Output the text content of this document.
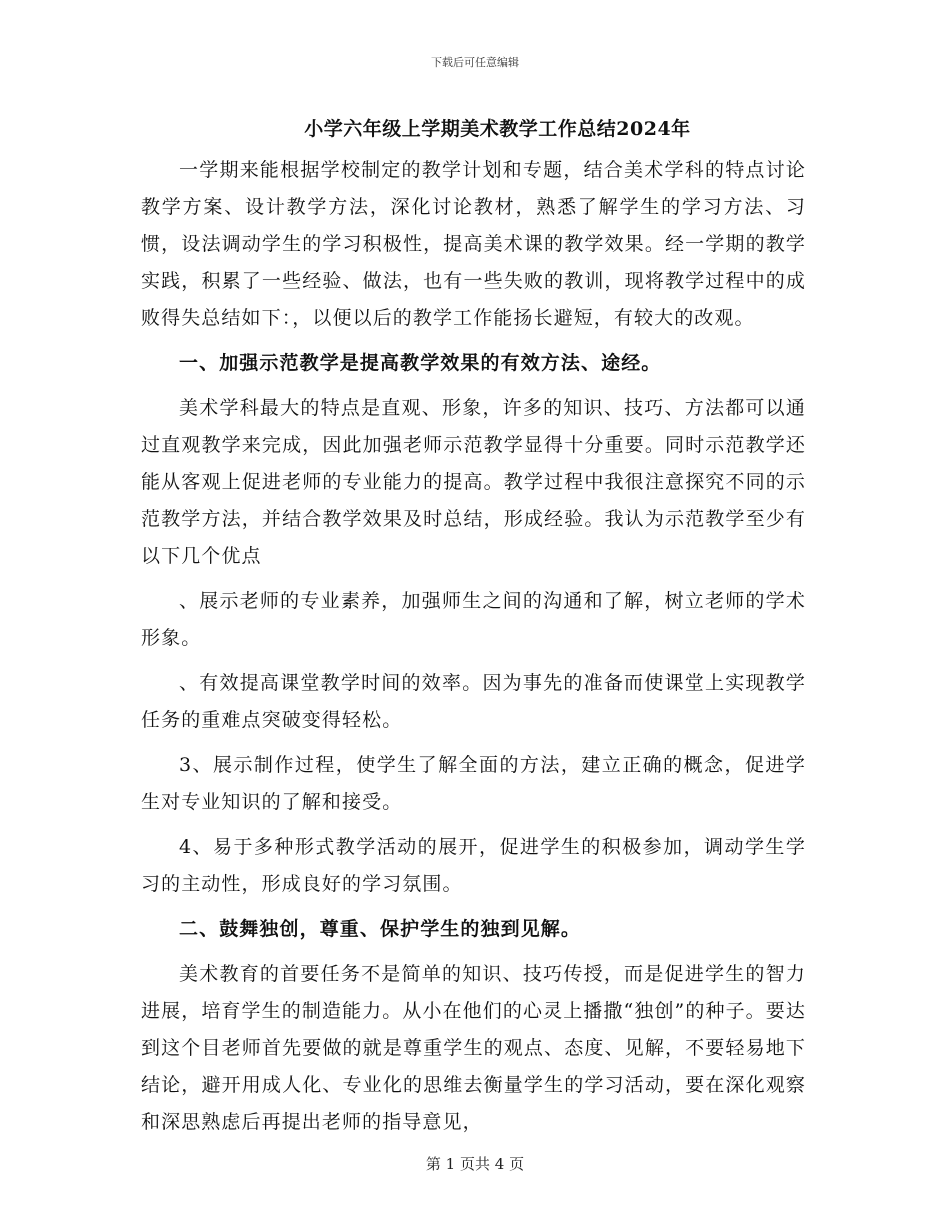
下载后可任意编辑
小学六年级上学期美术教学工作总结2024年

一学期来能根据学校制定的教学计划和专题，结合美术学科的特点讨论教学方案、设计教学方法，深化讨论教材，熟悉了解学生的学习方法、习惯，设法调动学生的学习积极性，提高美术课的教学效果。经一学期的教学实践，积累了一些经验、做法，也有一些失败的教训，现将教学过程中的成败得失总结如下：，以便以后的教学工作能扬长避短，有较大的改观。

一、加强示范教学是提高教学效果的有效方法、途经。

美术学科最大的特点是直观、形象，许多的知识、技巧、方法都可以通过直观教学来完成，因此加强老师示范教学显得十分重要。同时示范教学还能从客观上促进老师的专业能力的提高。教学过程中我很注意探究不同的示范教学方法，并结合教学效果及时总结，形成经验。我认为示范教学至少有以下几个优点

、展示老师的专业素养，加强师生之间的沟通和了解，树立老师的学术形象。

、有效提高课堂教学时间的效率。因为事先的准备而使课堂上实现教学任务的重难点突破变得轻松。

3、展示制作过程，使学生了解全面的方法，建立正确的概念，促进学生对专业知识的了解和接受。

4、易于多种形式教学活动的展开，促进学生的积极参加，调动学生学习的主动性，形成良好的学习氛围。

二、鼓舞独创，尊重、保护学生的独到见解。

美术教育的首要任务不是简单的知识、技巧传授，而是促进学生的智力进展，培育学生的制造能力。从小在他们的心灵上播撒“独创”的种子。要达到这个目老师首先要做的就是尊重学生的观点、态度、见解，不要轻易地下结论，避开用成人化、专业化的思维去衡量学生的学习活动，要在深化观察和深思熟虑后再提出老师的指导意见，

第 1 页共 4 页
